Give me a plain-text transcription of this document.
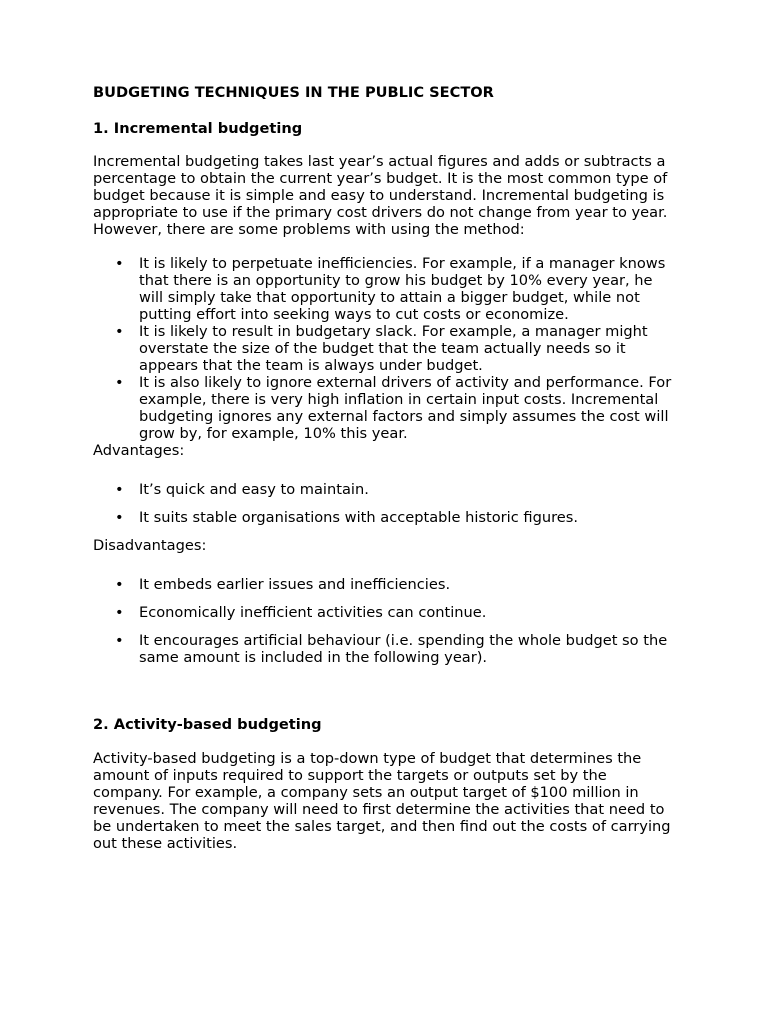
BUDGETING TECHNIQUES IN THE PUBLIC SECTOR

1. Incremental budgeting

Incremental budgeting takes last year’s actual figures and adds or subtracts a percentage to obtain the current year’s budget. It is the most common type of budget because it is simple and easy to understand. Incremental budgeting is appropriate to use if the primary cost drivers do not change from year to year. However, there are some problems with using the method:

• It is likely to perpetuate inefficiencies. For example, if a manager knows that there is an opportunity to grow his budget by 10% every year, he will simply take that opportunity to attain a bigger budget, while not putting effort into seeking ways to cut costs or economize.
• It is likely to result in budgetary slack. For example, a manager might overstate the size of the budget that the team actually needs so it appears that the team is always under budget.
• It is also likely to ignore external drivers of activity and performance. For example, there is very high inflation in certain input costs. Incremental budgeting ignores any external factors and simply assumes the cost will grow by, for example, 10% this year.

Advantages:

• It’s quick and easy to maintain.
• It suits stable organisations with acceptable historic figures.

Disadvantages:

• It embeds earlier issues and inefficiencies.
• Economically inefficient activities can continue.
• It encourages artificial behaviour (i.e. spending the whole budget so the same amount is included in the following year).

2. Activity-based budgeting

Activity-based budgeting is a top-down type of budget that determines the amount of inputs required to support the targets or outputs set by the company. For example, a company sets an output target of $100 million in revenues. The company will need to first determine the activities that need to be undertaken to meet the sales target, and then find out the costs of carrying out these activities.
